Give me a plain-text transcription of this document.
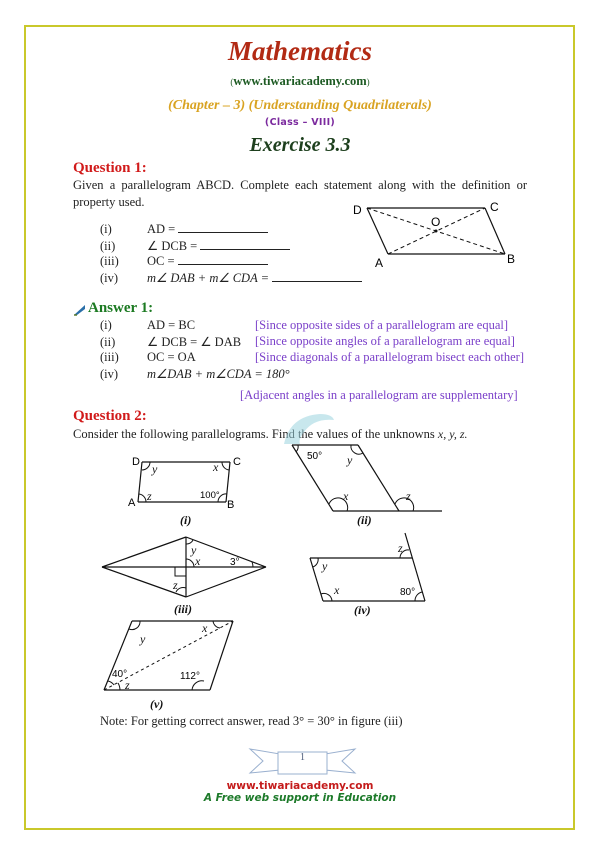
Mathematics
(www.tiwariacademy.com)
(Chapter – 3) (Understanding Quadrilaterals)
(Class – VIII)
Exercise 3.3
Question 1:
Given a parallelogram ABCD. Complete each statement along with the definition or
property used.
(i)	AD =
(ii)	∠ DCB =
(iii) OC =
(iv) m∠ DAB + m∠ CDA =
D	C
O
A	B
Answer 1:
(i)	AD = BC	[Since opposite sides of a parallelogram are equal]
(ii)	∠ DCB = ∠ DAB [Since opposite angles of a parallelogram are equal]
(iii) OC = OA	[Since diagonals of a parallelogram bisect each other]
(iv) m∠DAB + m∠CDA = 180°
[Adjacent angles in a parallelogram are supplementary]
Question 2:
Consider the following parallelograms. Find the values of the unknowns x, y, z.
D	C
A	B
y	x
z	100°
(i)
50° y
x	z
(ii)
y
x	3°
z
(iii)
z
y
x	80°
(iv)
y
x
40°
z
112°
(v)
Note: For getting correct answer, read 3° = 30° in figure (iii)
1
www.tiwariacademy.com
A Free web support in Education
